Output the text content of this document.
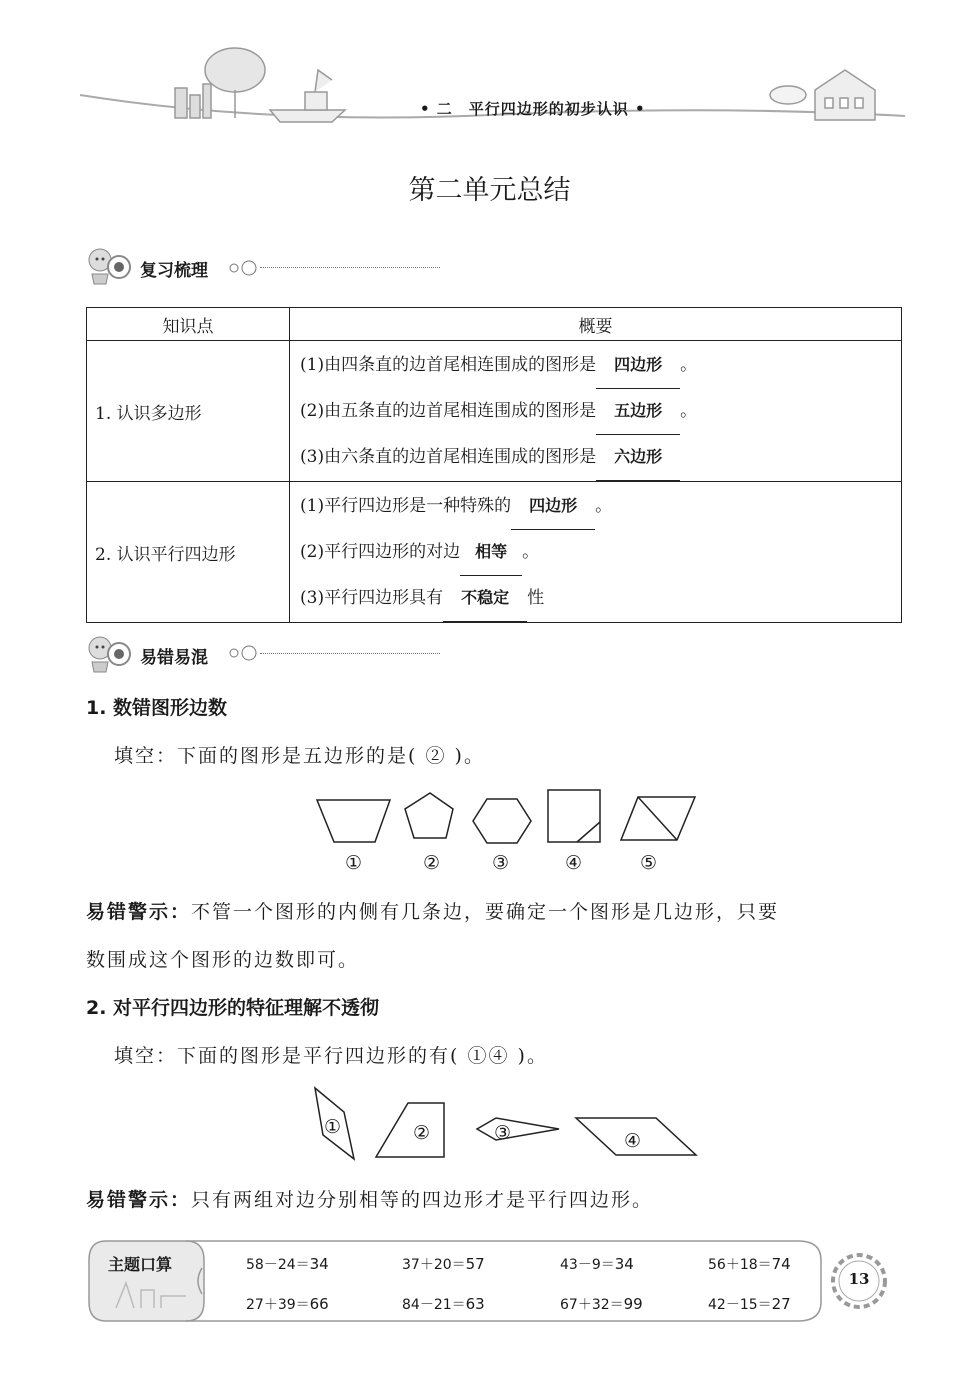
• 二　平行四边形的初步认识 •
第二单元总结
复习梳理
知识点	概要
1. 认识多边形	(1)由四条直的边首尾相连围成的图形是 四边形 。
(2)由五条直的边首尾相连围成的图形是 五边形 。
(3)由六条直的边首尾相连围成的图形是 六边形

2. 认识平行四边形	(1)平行四边形是一种特殊的 四边形 。
(2)平行四边形的对边 相等 。
(3)平行四边形具有 不稳定 性
易错易混
1. 数错图形边数
填空：下面的图形是五边形的是( ② )。
①	②	③	④	⑤
易错警示：不管一个图形的内侧有几条边，要确定一个图形是几边形，只要
数围成这个图形的边数即可。
2. 对平行四边形的特征理解不透彻
填空：下面的图形是平行四边形的有( ①④ )。
①	②	③	④
易错警示：只有两组对边分别相等的四边形才是平行四边形。
主题口算
13
58－24＝34	37＋20＝57	43－9＝34	56＋18＝74
27＋39＝66	84－21＝63	67＋32＝99	42－15＝27
